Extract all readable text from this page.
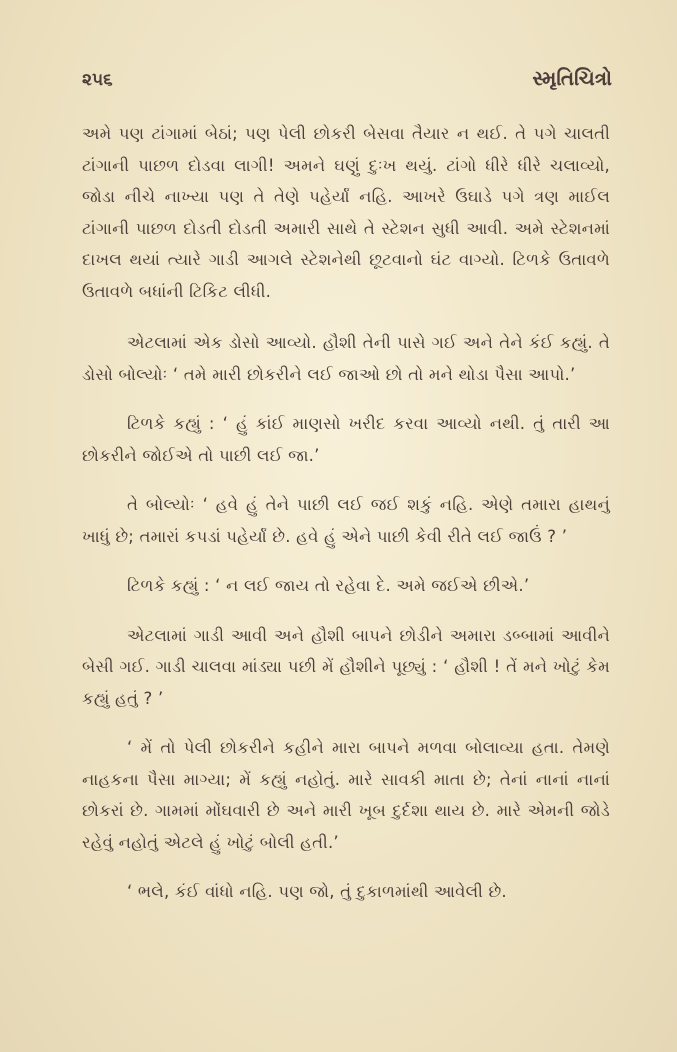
૨૫૬	સ્મૃતિચિત્રો

અમે પણ ટાંગામાં બેઠાં; પણ પેલી છોકરી બેસવા તૈયાર ન થઈ. તે પગે ચાલતી ટાંગાની પાછળ દોડવા લાગી! અમને ઘણું દુઃખ થયું. ટાંગો ધીરે ધીરે ચલાવ્યો, જોડા નીચે નાખ્યા પણ તે તેણે પહેર્યાં નહિ. આખરે ઉઘાડે પગે ત્રણ માઈલ ટાંગાની પાછળ દોડતી દોડતી અમારી સાથે તે સ્ટેશન સુધી આવી. અમે સ્ટેશનમાં દાખલ થયાં ત્યારે ગાડી આગલે સ્ટેશનેથી છૂટવાનો ઘંટ વાગ્યો. ટિળકે ઉતાવળે ઉતાવળે બધાંની ટિકિટ લીધી.

એટલામાં એક ડોસો આવ્યો. હૌશી તેની પાસે ગઈ અને તેને કંઈ કહ્યું. તે ડોસો બોલ્યોઃ ‘ તમે મારી છોકરીને લઈ જાઓ છો તો મને થોડા પૈસા આપો.’

ટિળકે કહ્યું : ‘ હું કાંઈ માણસો ખરીદ કરવા આવ્યો નથી. તું તારી આ છોકરીને જોઈએ તો પાછી લઈ જા.’

તે બોલ્યોઃ ‘ હવે હું તેને પાછી લઈ જઈ શકું નહિ. એણે તમારા હાથનું ખાધું છે; તમારાં કપડાં પહેર્યાં છે. હવે હું એને પાછી કેવી રીતે લઈ જાઉં ? ’

ટિળકે કહ્યું : ‘ ન લઈ જાય તો રહેવા દે. અમે જઈએ છીએ.’

એટલામાં ગાડી આવી અને હૌશી બાપને છોડીને અમારા ડબ્બામાં આવીને બેસી ગઈ. ગાડી ચાલવા માંડ્યા પછી મેં હૌશીને પૂછ્યું : ‘ હૌશી ! તેં મને ખોટું કેમ કહ્યું હતું ? ’

‘ મેં તો પેલી છોકરીને કહીને મારા બાપને મળવા બોલાવ્યા હતા. તેમણે નાહકના પૈસા માગ્યા; મેં કહ્યું નહોતું. મારે સાવકી માતા છે; તેનાં નાનાં નાનાં છોકરાં છે. ગામમાં મોંઘવારી છે અને મારી ખૂબ દુર્દશા થાય છે. મારે એમની જોડે રહેવું નહોતું એટલે હું ખોટું બોલી હતી.’

‘ ભલે, કંઈ વાંધો નહિ. પણ જો, તું દુકાળમાંથી આવેલી છે.
